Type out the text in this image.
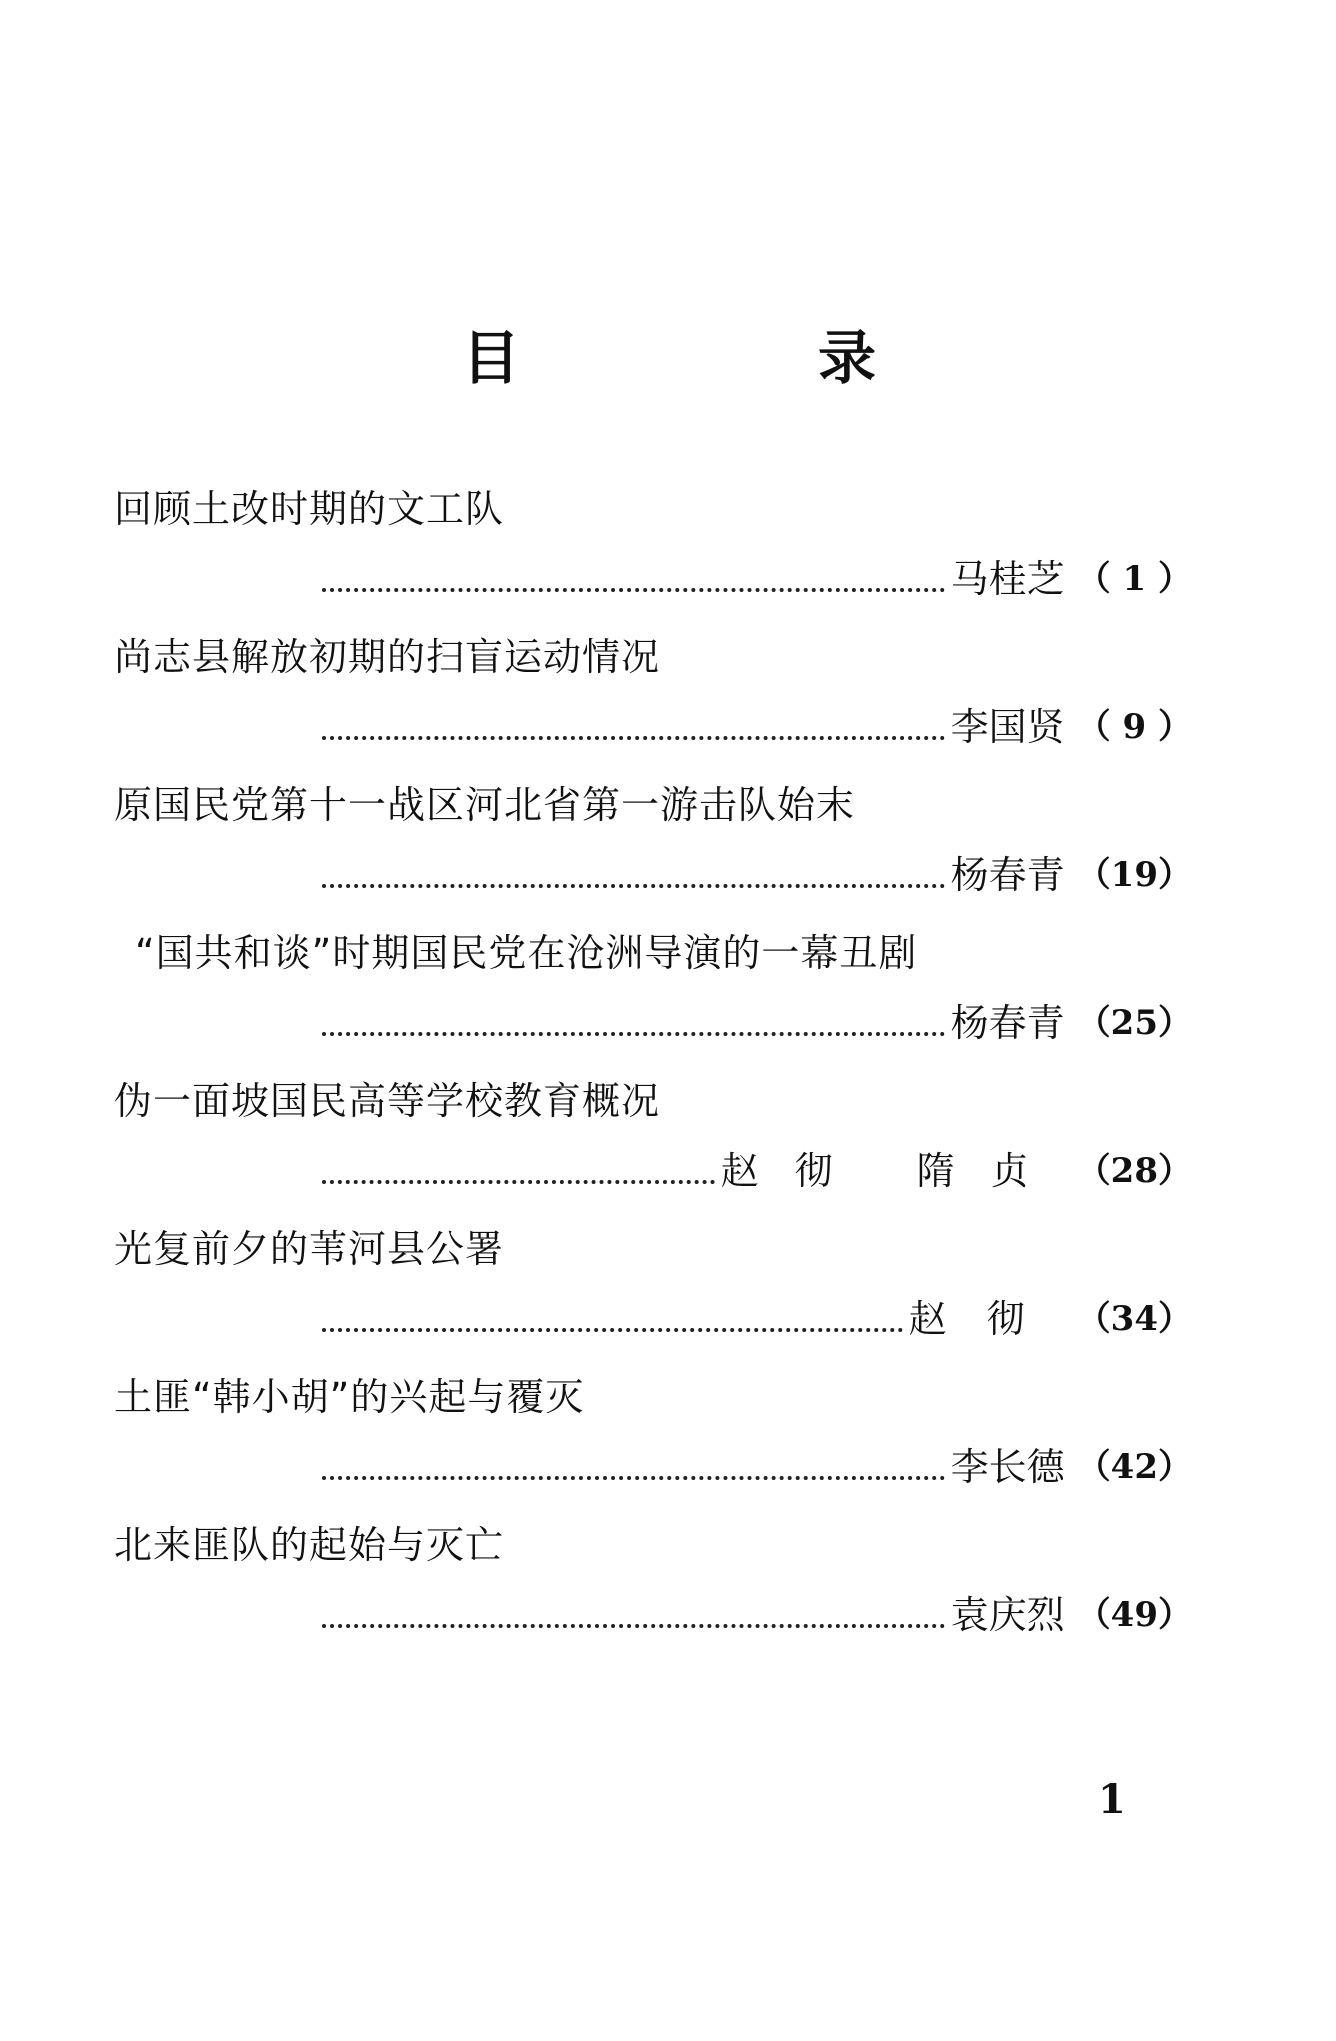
目	录
回顾土改时期的文工队
马桂芝 （ 1 ）
尚志县解放初期的扫盲运动情况
李国贤 （ 9 ）
原国民党第十一战区河北省第一游击队始末
杨春青 （19）
“国共和谈”时期国民党在沧洲导演的一幕丑剧
杨春青 （25）
伪一面坡国民高等学校教育概况
赵彻 隋贞 （28）
光复前夕的苇河县公署
赵彻 （34）
土匪“韩小胡”的兴起与覆灭
李长德 （42）
北来匪队的起始与灭亡
袁庆烈 （49）
1
